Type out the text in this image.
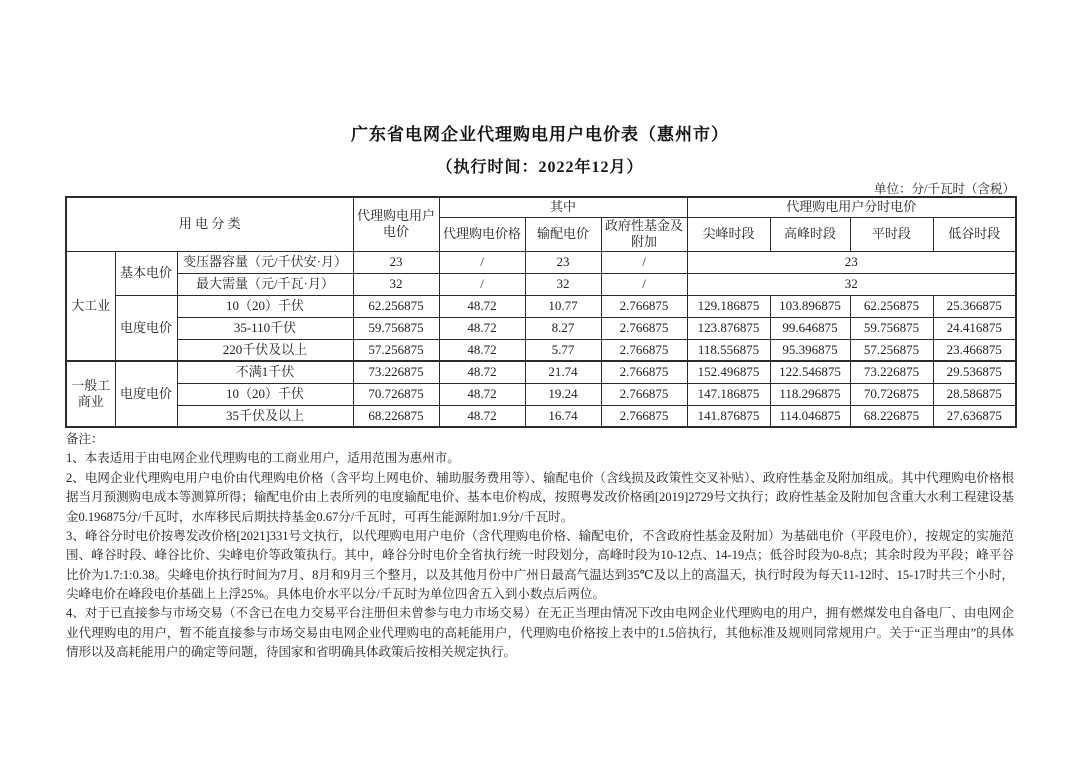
广东省电网企业代理购电用户电价表（惠州市）
（执行时间：2022年12月）
单位：分/千瓦时（含税）
用 电 分 类			代理购电用户电价	其中			代理购电用户分时电价			
				代理购电价格	输配电价	政府性基金及附加	尖峰时段	高峰时段	平时段	低谷时段
大工业	基本电价	变压器容量（元/千伏安·月）	23	/	23	/	23			
		最大需量（元/千瓦·月）	32	/	32	/	32			
	电度电价	10（20）千伏	62.256875	48.72	10.77	2.766875	129.186875	103.896875	62.256875	25.366875
		35-110千伏	59.756875	48.72	8.27	2.766875	123.876875	99.646875	59.756875	24.416875
		220千伏及以上	57.256875	48.72	5.77	2.766875	118.556875	95.396875	57.256875	23.466875
一般工商业	电度电价	不满1千伏	73.226875	48.72	21.74	2.766875	152.496875	122.546875	73.226875	29.536875
		10（20）千伏	70.726875	48.72	19.24	2.766875	147.186875	118.296875	70.726875	28.586875
		35千伏及以上	68.226875	48.72	16.74	2.766875	141.876875	114.046875	68.226875	27.636875

备注：

1、本表适用于由电网企业代理购电的工商业用户，适用范围为惠州市。

2、电网企业代理购电用户电价由代理购电价格（含平均上网电价、辅助服务费用等）、输配电价（含线损及政策性交叉补贴）、政府性基金及附加组成。其中代理购电价格根据当月预测购电成本等测算所得；输配电价由上表所列的电度输配电价、基本电价构成，按照粤发改价格函[2019]2729号文执行；政府性基金及附加包含重大水利工程建设基金0.196875分/千瓦时，水库移民后期扶持基金0.67分/千瓦时，可再生能源附加1.9分/千瓦时。

3、峰谷分时电价按粤发改价格[2021]331号文执行，以代理购电用户电价（含代理购电价格、输配电价，不含政府性基金及附加）为基础电价（平段电价），按规定的实施范围、峰谷时段、峰谷比价、尖峰电价等政策执行。其中，峰谷分时电价全省执行统一时段划分，高峰时段为10-12点、14-19点；低谷时段为0-8点；其余时段为平段；峰平谷比价为1.7:1:0.38。尖峰电价执行时间为7月、8月和9月三个整月，以及其他月份中广州日最高气温达到35℃及以上的高温天，执行时段为每天11-12时、15-17时共三个小时，尖峰电价在峰段电价基础上上浮25%。具体电价水平以分/千瓦时为单位四舍五入到小数点后两位。

4、对于已直接参与市场交易（不含已在电力交易平台注册但未曾参与电力市场交易）在无正当理由情况下改由电网企业代理购电的用户，拥有燃煤发电自备电厂、由电网企业代理购电的用户，暂不能直接参与市场交易由电网企业代理购电的高耗能用户，代理购电价格按上表中的1.5倍执行，其他标准及规则同常规用户。关于“正当理由”的具体情形以及高耗能用户的确定等问题，待国家和省明确具体政策后按相关规定执行。
